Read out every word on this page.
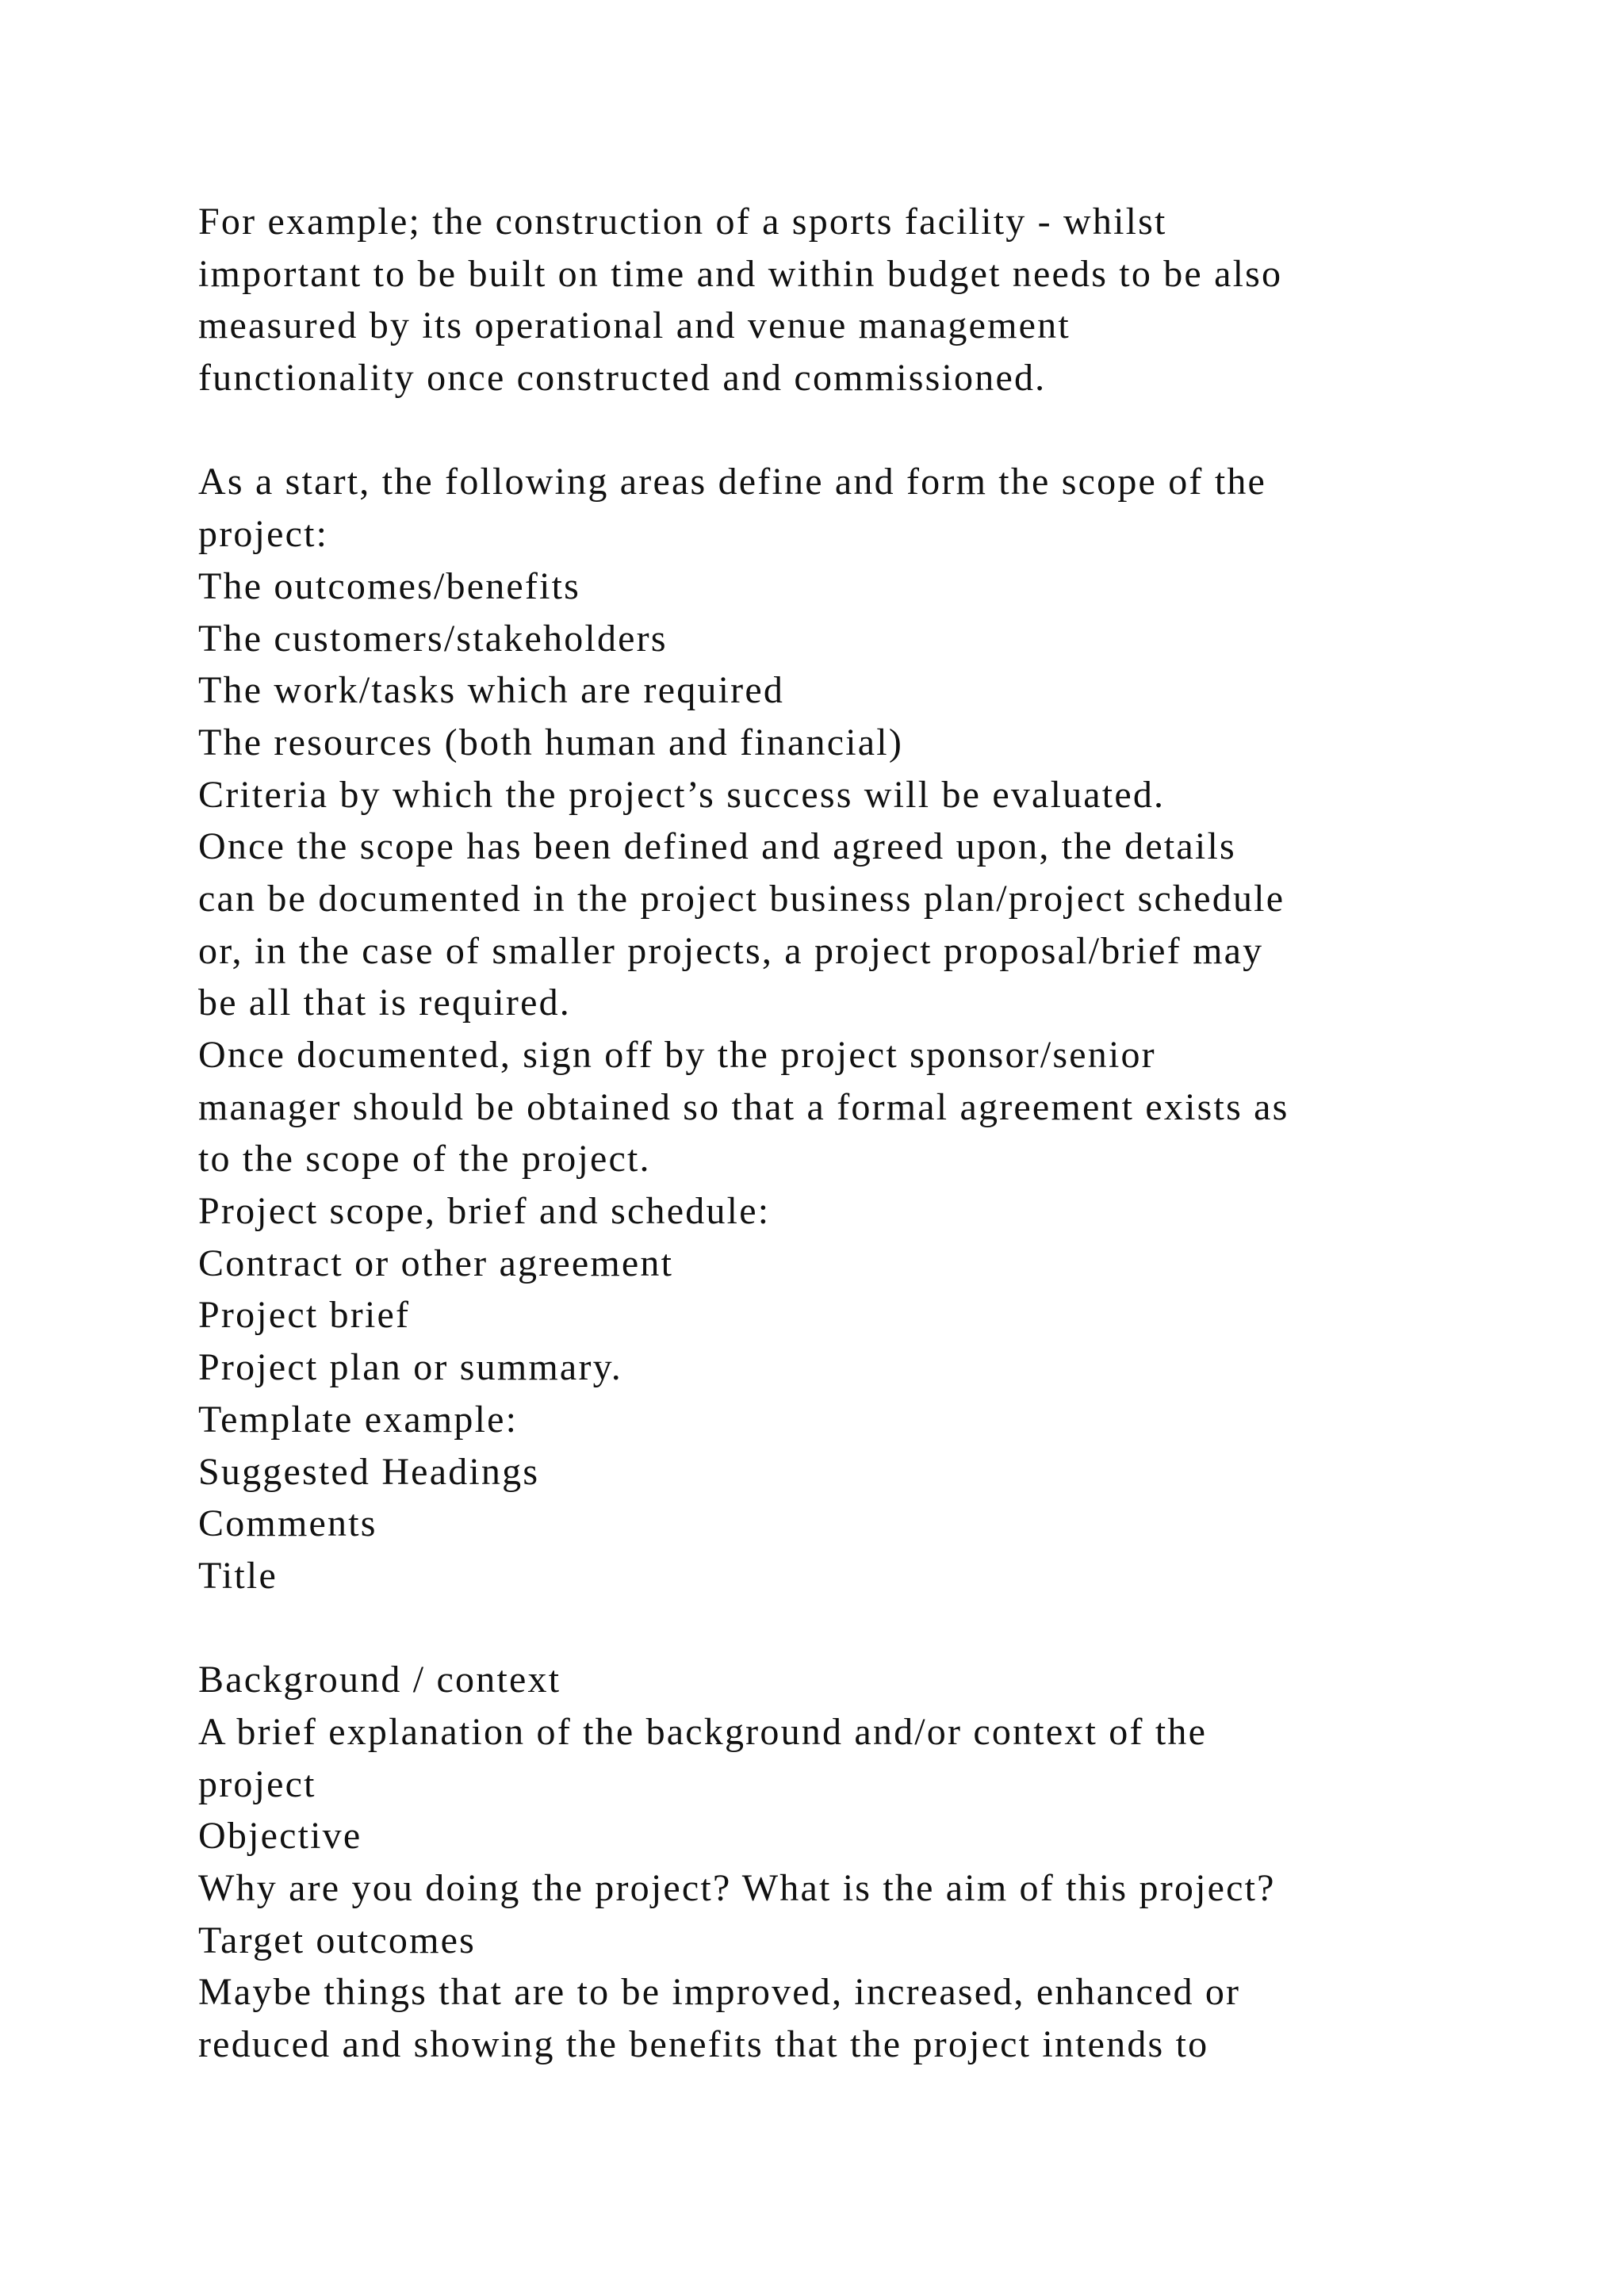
For example; the construction of a sports facility - whilst
important to be built on time and within budget needs to be also
measured by its operational and venue management
functionality once constructed and commissioned.
As a start, the following areas define and form the scope of the
project:
The outcomes/benefits
The customers/stakeholders
The work/tasks which are required
The resources (both human and financial)
Criteria by which the project’s success will be evaluated.
Once the scope has been defined and agreed upon, the details
can be documented in the project business plan/project schedule
or, in the case of smaller projects, a project proposal/brief may
be all that is required.
Once documented, sign off by the project sponsor/senior
manager should be obtained so that a formal agreement exists as
to the scope of the project.
Project scope, brief and schedule:
Contract or other agreement
Project brief
Project plan or summary.
Template example:
Suggested Headings
Comments
Title
Background / context
A brief explanation of the background and/or context of the
project
Objective
Why are you doing the project? What is the aim of this project?
Target outcomes
Maybe things that are to be improved, increased, enhanced or
reduced and showing the benefits that the project intends to
